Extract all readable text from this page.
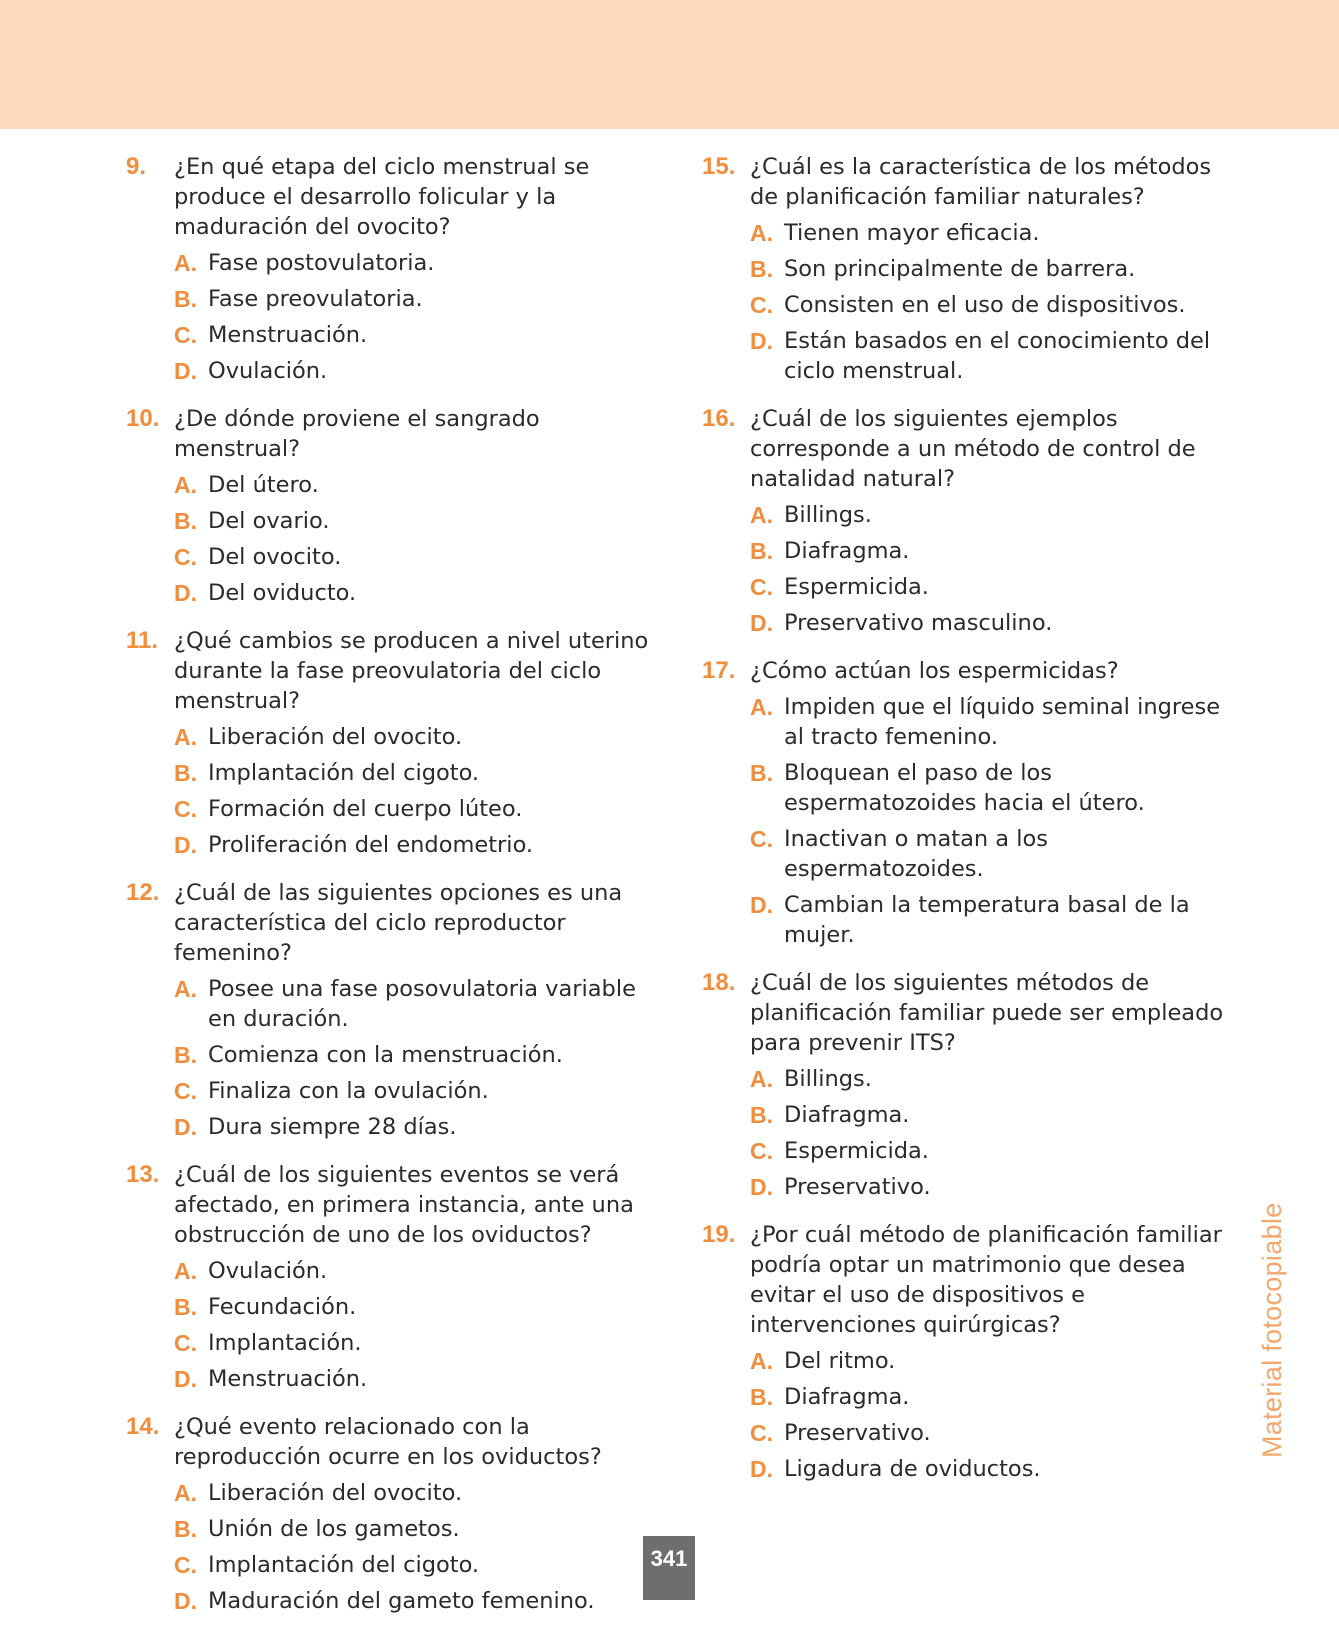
9.	¿En qué etapa del ciclo menstrual se produce el desarrollo folicular y la maduración del ovocito?
A. Fase postovulatoria.
B. Fase preovulatoria.
C. Menstruación.
D. Ovulación.
10. ¿De dónde proviene el sangrado menstrual?
A. Del útero.
B. Del ovario.
C. Del ovocito.
D. Del oviducto.
11. ¿Qué cambios se producen a nivel uterino durante la fase preovulatoria del ciclo menstrual?
A. Liberación del ovocito.
B. Implantación del cigoto.
C. Formación del cuerpo lúteo.
D. Proliferación del endometrio.
12. ¿Cuál de las siguientes opciones es una característica del ciclo reproductor femenino?
A. Posee una fase posovulatoria variable en duración.
B. Comienza con la menstruación.
C. Finaliza con la ovulación.
D. Dura siempre 28 días.
13. ¿Cuál de los siguientes eventos se verá afectado, en primera instancia, ante una obstrucción de uno de los oviductos?
A. Ovulación.
B. Fecundación.
C. Implantación.
D. Menstruación.
14. ¿Qué evento relacionado con la reproducción ocurre en los oviductos?
A. Liberación del ovocito.
B. Unión de los gametos.
C. Implantación del cigoto.
D. Maduración del gameto femenino.
15. ¿Cuál es la característica de los métodos de planificación familiar naturales?
A. Tienen mayor eficacia.
B. Son principalmente de barrera.
C. Consisten en el uso de dispositivos.
D. Están basados en el conocimiento del ciclo menstrual.
16. ¿Cuál de los siguientes ejemplos corresponde a un método de control de natalidad natural?
A. Billings.
B. Diafragma.
C. Espermicida.
D. Preservativo masculino.
17. ¿Cómo actúan los espermicidas?
A. Impiden que el líquido seminal ingrese al tracto femenino.
B. Bloquean el paso de los espermatozoides hacia el útero.
C. Inactivan o matan a los espermatozoides.
D. Cambian la temperatura basal de la mujer.
18. ¿Cuál de los siguientes métodos de planificación familiar puede ser empleado para prevenir ITS?
A. Billings.
B. Diafragma.
C. Espermicida.
D. Preservativo.
19. ¿Por cuál método de planificación familiar podría optar un matrimonio que desea evitar el uso de dispositivos e intervenciones quirúrgicas?
A. Del ritmo.
B. Diafragma.
C. Preservativo.
D. Ligadura de oviductos.
Material fotocopiable
341
